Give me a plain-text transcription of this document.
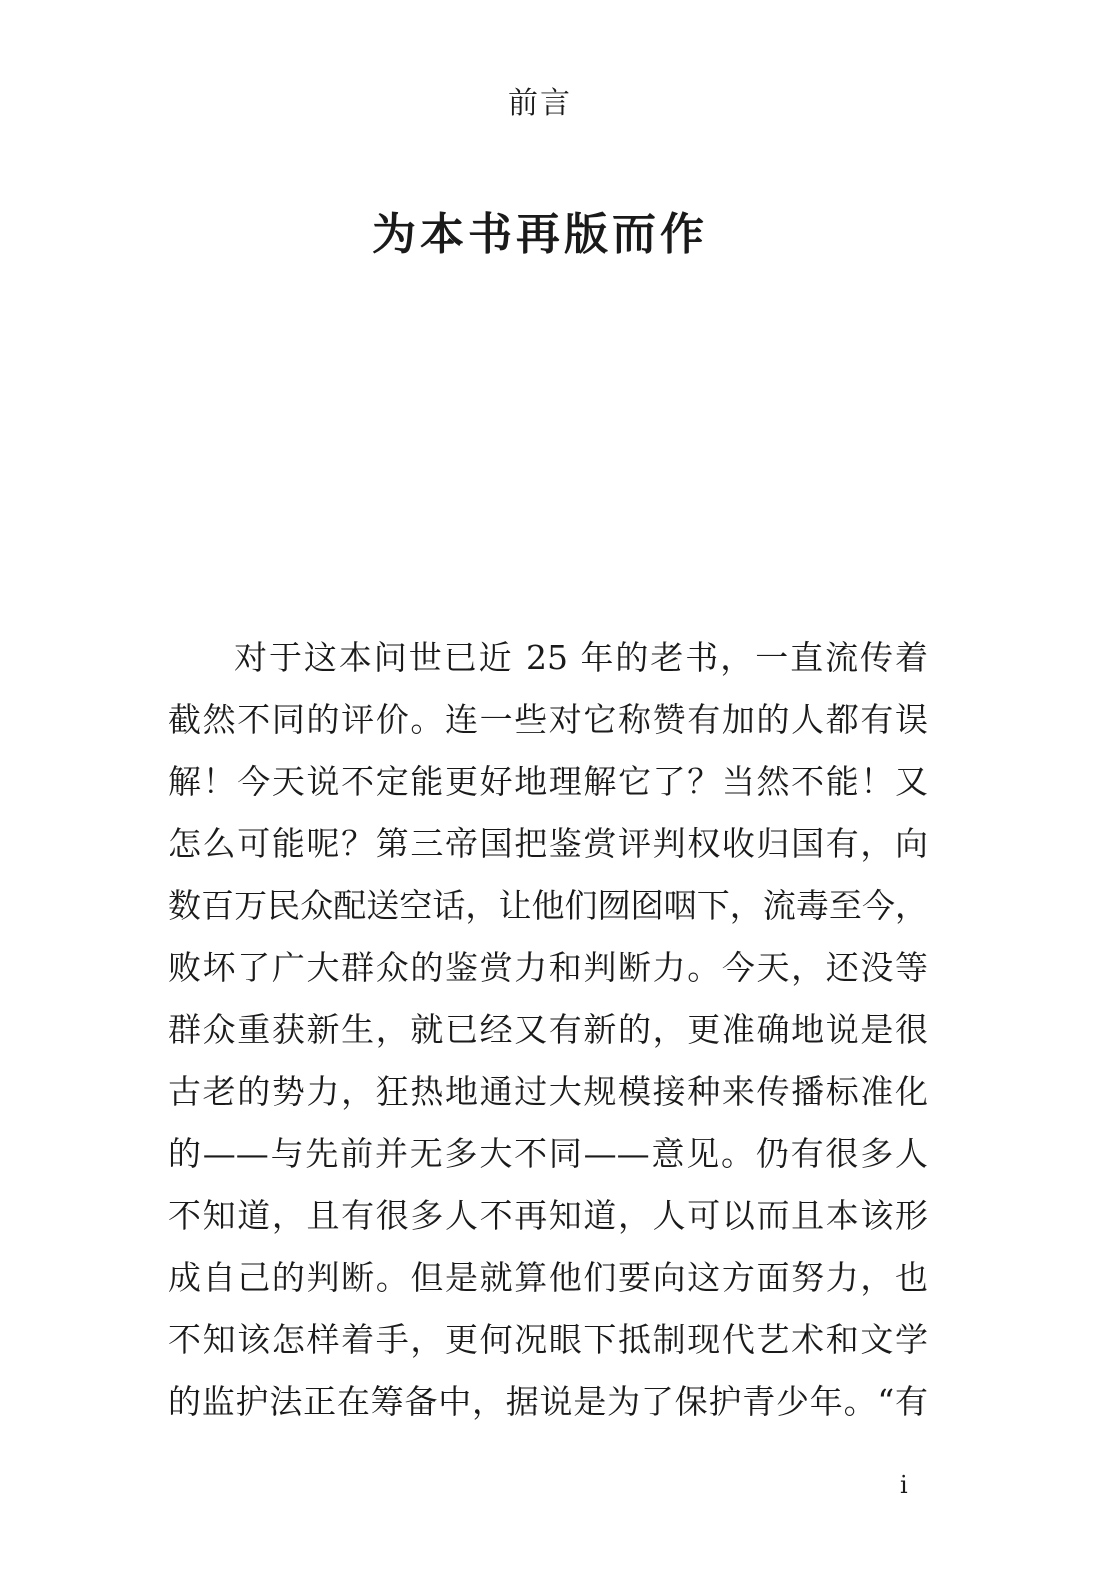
前言
为本书再版而作
对于这本问世已近 25 年的老书，一直流传着
截然不同的评价。连一些对它称赞有加的人都有误
解！今天说不定能更好地理解它了？当然不能！又
怎么可能呢？第三帝国把鉴赏评判权收归国有，向
数百万民众配送空话，让他们囫囵咽下，流毒至今，
败坏了广大群众的鉴赏力和判断力。今天，还没等
群众重获新生，就已经又有新的，更准确地说是很
古老的势力，狂热地通过大规模接种来传播标准化
的——与先前并无多大不同——意见。仍有很多人
不知道，且有很多人不再知道，人可以而且本该形
成自己的判断。但是就算他们要向这方面努力，也
不知该怎样着手，更何况眼下抵制现代艺术和文学
的监护法正在筹备中，据说是为了保护青少年。“有
i
